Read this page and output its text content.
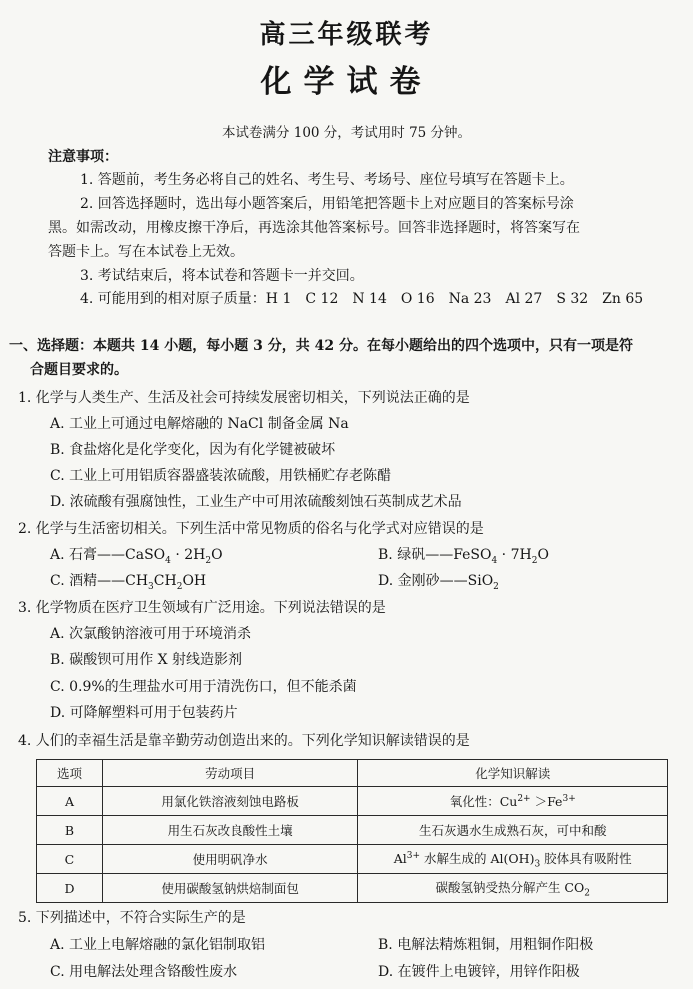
高三年级联考
化学试卷
本试卷满分 100 分，考试用时 75 分钟。
注意事项：
1. 答题前，考生务必将自己的姓名、考生号、考场号、座位号填写在答题卡上。
2. 回答选择题时，选出每小题答案后，用铅笔把答题卡上对应题目的答案标号涂
黑。如需改动，用橡皮擦干净后，再选涂其他答案标号。回答非选择题时，将答案写在
答题卡上。写在本试卷上无效。
3. 考试结束后，将本试卷和答题卡一并交回。
4. 可能用到的相对原子质量：H 1　C 12　N 14　O 16　Na 23　Al 27　S 32　Zn 65
一、选择题：本题共 14 小题，每小题 3 分，共 42 分。在每小题给出的四个选项中，只有一项是符
合题目要求的。
1. 化学与人类生产、生活及社会可持续发展密切相关，下列说法正确的是
A. 工业上可通过电解熔融的 NaCl 制备金属 Na
B. 食盐熔化是化学变化，因为有化学键被破坏
C. 工业上可用铝质容器盛装浓硫酸，用铁桶贮存老陈醋
D. 浓硫酸有强腐蚀性，工业生产中可用浓硫酸刻蚀石英制成艺术品
2. 化学与生活密切相关。下列生活中常见物质的俗名与化学式对应错误的是
A. 石膏——CaSO$_4$ · $2H_2O$	B. 绿矾——FeSO$_4$ · $7H_2O$
C. 酒精$——CH_3CH_2OH$	D. 金刚砂——SiO$_2$
3. 化学物质在医疗卫生领域有广泛用途。下列说法错误的是
A. 次氯酸钠溶液可用于环境消杀
B. 碳酸钡可用作 X 射线造影剂
C. 0.9%的生理盐水可用于清洗伤口，但不能杀菌
D. 可降解塑料可用于包装药片
4. 人们的幸福生活是靠辛勤劳动创造出来的。下列化学知识解读错误的是
选项	劳动项目	化学知识解读
A	用氯化铁溶液刻蚀电路板	氧化性：$Cu^{2+} >Fe^{3+}$
B	用生石灰改良酸性土壤	生石灰遇水生成熟石灰，可中和酸
C	使用明矾净水	$Al^{3+}$ 水解生成的 $Al(OH)_3$ 胶体具有吸附性
D	使用碳酸氢钠烘焙制面包	碳酸氢钠受热分解产生 $CO_2$
5. 下列描述中，不符合实际生产的是
A. 工业上电解熔融的氯化铝制取铝	B. 电解法精炼粗铜，用粗铜作阳极
C. 用电解法处理含铬酸性废水	D. 在镀件上电镀锌，用锌作阳极
